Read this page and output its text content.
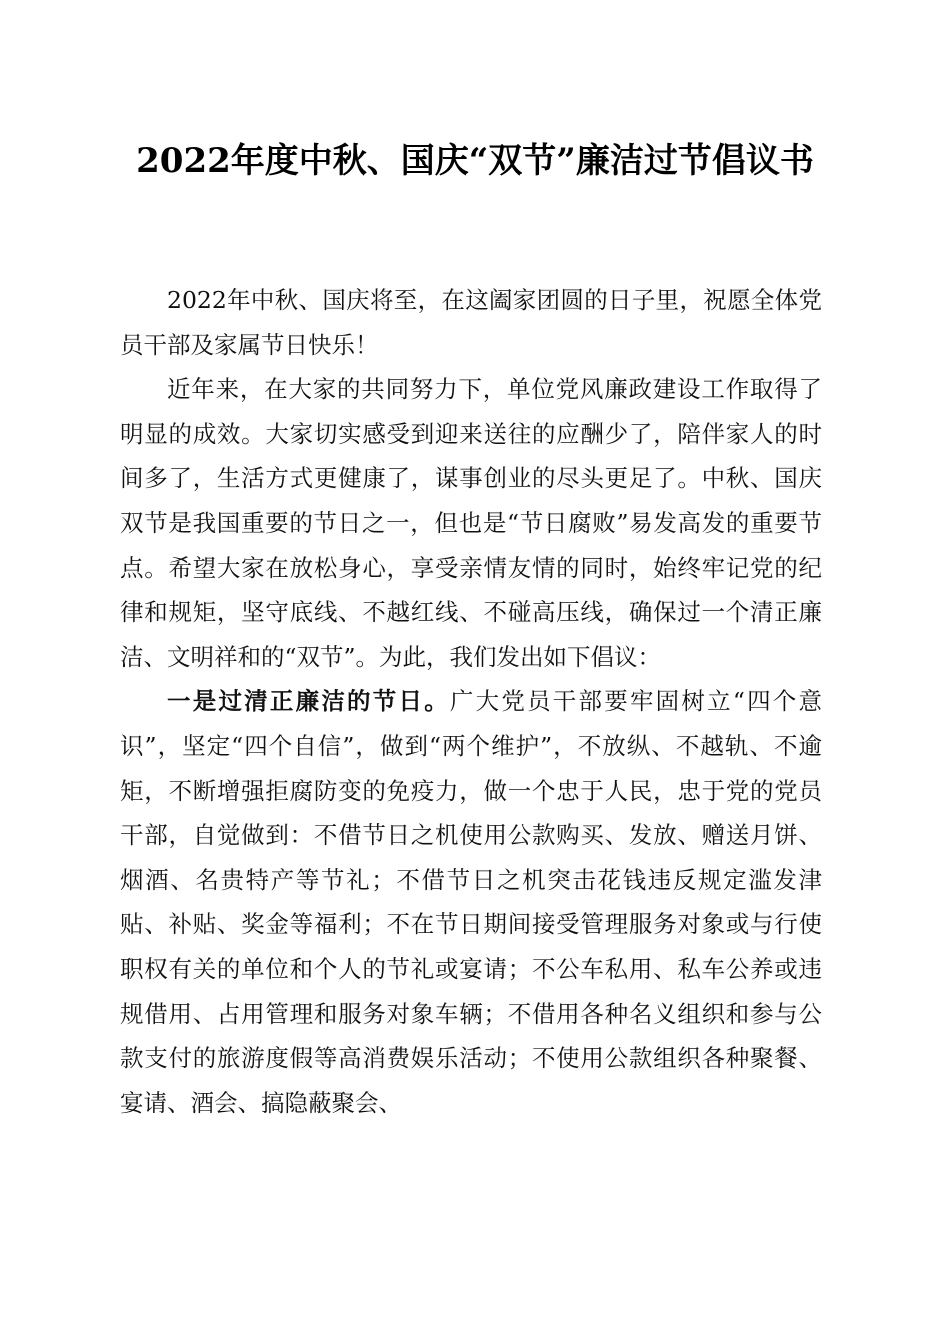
2022年度中秋、国庆“双节”廉洁过节倡议书

2022年中秋、国庆将至，在这阖家团圆的日子里，祝愿全体党员干部及家属节日快乐！

近年来，在大家的共同努力下，单位党风廉政建设工作取得了明显的成效。大家切实感受到迎来送往的应酬少了，陪伴家人的时间多了，生活方式更健康了，谋事创业的尽头更足了。中秋、国庆双节是我国重要的节日之一，但也是“节日腐败”易发高发的重要节点。希望大家在放松身心，享受亲情友情的同时，始终牢记党的纪律和规矩，坚守底线、不越红线、不碰高压线，确保过一个清正廉洁、文明祥和的“双节”。为此，我们发出如下倡议：

一是过清正廉洁的节日。广大党员干部要牢固树立“四个意识”，坚定“四个自信”，做到“两个维护”，不放纵、不越轨、不逾矩，不断增强拒腐防变的免疫力，做一个忠于人民，忠于党的党员干部，自觉做到：不借节日之机使用公款购买、发放、赠送月饼、烟酒、名贵特产等节礼；不借节日之机突击花钱违反规定滥发津贴、补贴、奖金等福利；不在节日期间接受管理服务对象或与行使职权有关的单位和个人的节礼或宴请；不公车私用、私车公养或违规借用、占用管理和服务对象车辆；不借用各种名义组织和参与公款支付的旅游度假等高消费娱乐活动；不使用公款组织各种聚餐、宴请、酒会、搞隐蔽聚会、
